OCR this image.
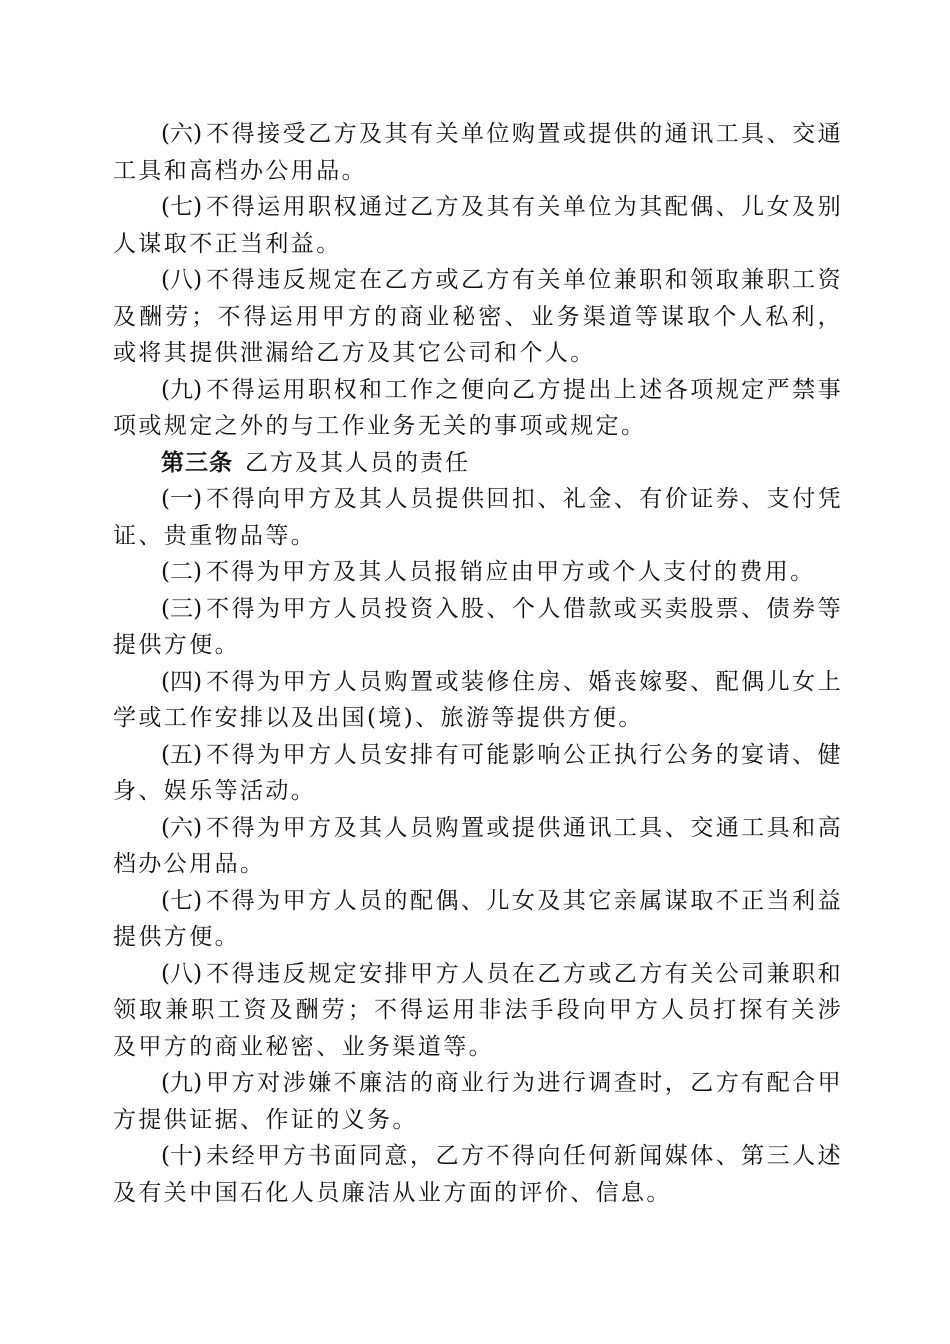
(六) 不得接受乙方及其有关单位购置或提供的通讯工具、交通工具和高档办公用品。

(七) 不得运用职权通过乙方及其有关单位为其配偶、儿女及别人谋取不正当利益。

(八) 不得违反规定在乙方或乙方有关单位兼职和领取兼职工资及酬劳；不得运用甲方的商业秘密、业务渠道等谋取个人私利，或将其提供泄漏给乙方及其它公司和个人。

(九) 不得运用职权和工作之便向乙方提出上述各项规定严禁事项或规定之外的与工作业务无关的事项或规定。

第三条 乙方及其人员的责任

(一) 不得向甲方及其人员提供回扣、礼金、有价证券、支付凭证、贵重物品等。

(二) 不得为甲方及其人员报销应由甲方或个人支付的费用。

(三) 不得为甲方人员投资入股、个人借款或买卖股票、债券等提供方便。

(四) 不得为甲方人员购置或装修住房、婚丧嫁娶、配偶儿女上学或工作安排以及出国(境)、旅游等提供方便。

(五) 不得为甲方人员安排有可能影响公正执行公务的宴请、健身、娱乐等活动。

(六) 不得为甲方及其人员购置或提供通讯工具、交通工具和高档办公用品。

(七) 不得为甲方人员的配偶、儿女及其它亲属谋取不正当利益提供方便。

(八) 不得违反规定安排甲方人员在乙方或乙方有关公司兼职和领取兼职工资及酬劳；不得运用非法手段向甲方人员打探有关涉及甲方的商业秘密、业务渠道等。

(九) 甲方对涉嫌不廉洁的商业行为进行调查时，乙方有配合甲方提供证据、作证的义务。

(十) 未经甲方书面同意，乙方不得向任何新闻媒体、第三人述及有关中国石化人员廉洁从业方面的评价、信息。
